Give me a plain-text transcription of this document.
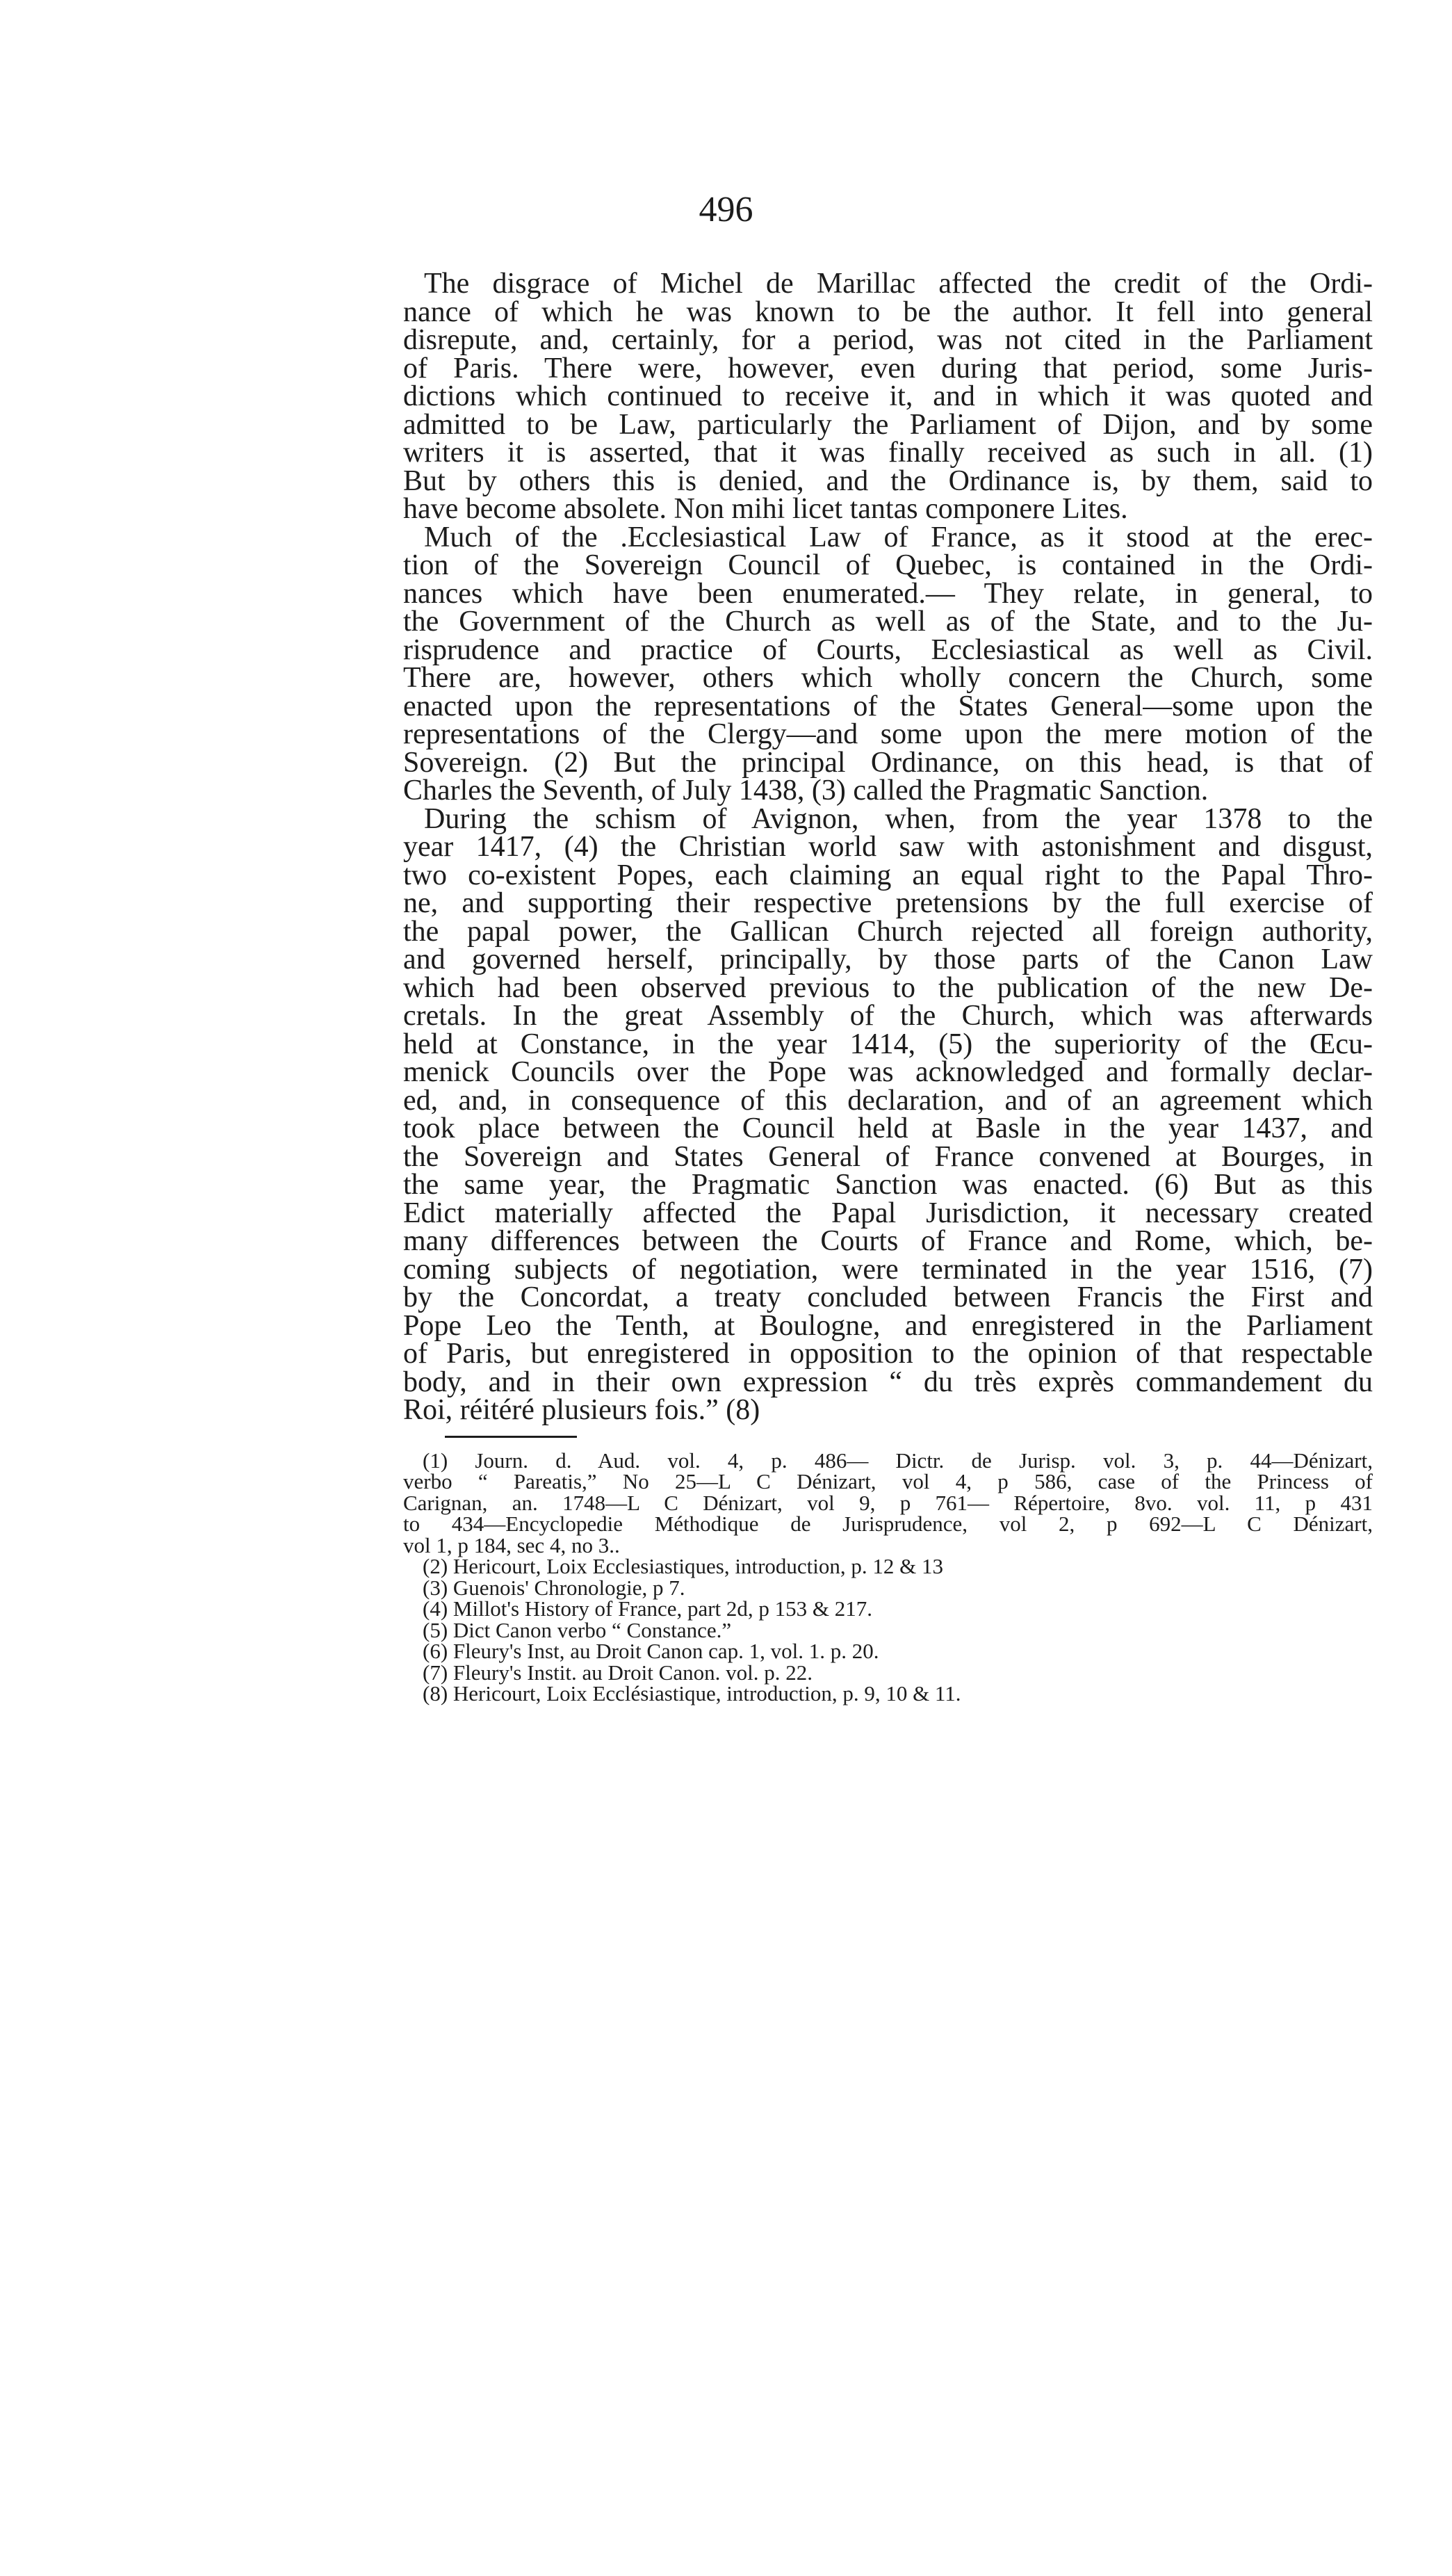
496
The disgrace of Michel de Marillac affected the credit of the Ordi-
nance of which he was known to be the author. It fell into general
disrepute, and, certainly, for a period, was not cited in the Parliament
of Paris. There were, however, even during that period, some Juris-
dictions which continued to receive it, and in which it was quoted and
admitted to be Law, particularly the Parliament of Dijon, and by some
writers it is asserted, that it was finally received as such in all. (1)
But by others this is denied, and the Ordinance is, by them, said to
have become absolete. Non mihi licet tantas componere Lites.
Much of the .Ecclesiastical Law of France, as it stood at the erec-
tion of the Sovereign Council of Quebec, is contained in the Ordi-
nances which have been enumerated.— They relate, in general, to
the Government of the Church as well as of the State, and to the Ju-
risprudence and practice of Courts, Ecclesiastical as well as Civil.
There are, however, others which wholly concern the Church, some
enacted upon the representations of the States General—some upon the
representations of the Clergy—and some upon the mere motion of the
Sovereign. (2) But the principal Ordinance, on this head, is that of
Charles the Seventh, of July 1438, (3) called the Pragmatic Sanction.
During the schism of Avignon, when, from the year 1378 to the
year 1417, (4) the Christian world saw with astonishment and disgust,
two co-existent Popes, each claiming an equal right to the Papal Thro-
ne, and supporting their respective pretensions by the full exercise of
the papal power, the Gallican Church rejected all foreign authority,
and governed herself, principally, by those parts of the Canon Law
which had been observed previous to the publication of the new De-
cretals. In the great Assembly of the Church, which was afterwards
held at Constance, in the year 1414, (5) the superiority of the Œcu-
menick Councils over the Pope was acknowledged and formally declar-
ed, and, in consequence of this declaration, and of an agreement which
took place between the Council held at Basle in the year 1437, and
the Sovereign and States General of France convened at Bourges, in
the same year, the Pragmatic Sanction was enacted. (6) But as this
Edict materially affected the Papal Jurisdiction, it necessary created
many differences between the Courts of France and Rome, which, be-
coming subjects of negotiation, were terminated in the year 1516, (7)
by the Concordat, a treaty concluded between Francis the First and
Pope Leo the Tenth, at Boulogne, and enregistered in the Parliament
of Paris, but enregistered in opposition to the opinion of that respectable
body, and in their own expression “ du très exprès commandement du
Roi, réitéré plusieurs fois.” (8)
(1) Journ. d. Aud. vol. 4, p. 486— Dictr. de Jurisp. vol. 3, p. 44—Dénizart,
verbo “ Pareatis,” No 25—L C Dénizart, vol 4, p 586, case of the Princess of
Carignan, an. 1748—L C Dénizart, vol 9, p 761— Répertoire, 8vo. vol. 11, p 431
to 434—Encyclopedie Méthodique de Jurisprudence, vol 2, p 692—L C Dénizart,
vol 1, p 184, sec 4, no 3..
(2) Hericourt, Loix Ecclesiastiques, introduction, p. 12 & 13
(3) Guenois' Chronologie, p 7.
(4) Millot's History of France, part 2d, p 153 & 217.
(5) Dict Canon verbo “ Constance.”
(6) Fleury's Inst, au Droit Canon cap. 1, vol. 1. p. 20.
(7) Fleury's Instit. au Droit Canon. vol. p. 22.
(8) Hericourt, Loix Ecclésiastique, introduction, p. 9, 10 & 11.
